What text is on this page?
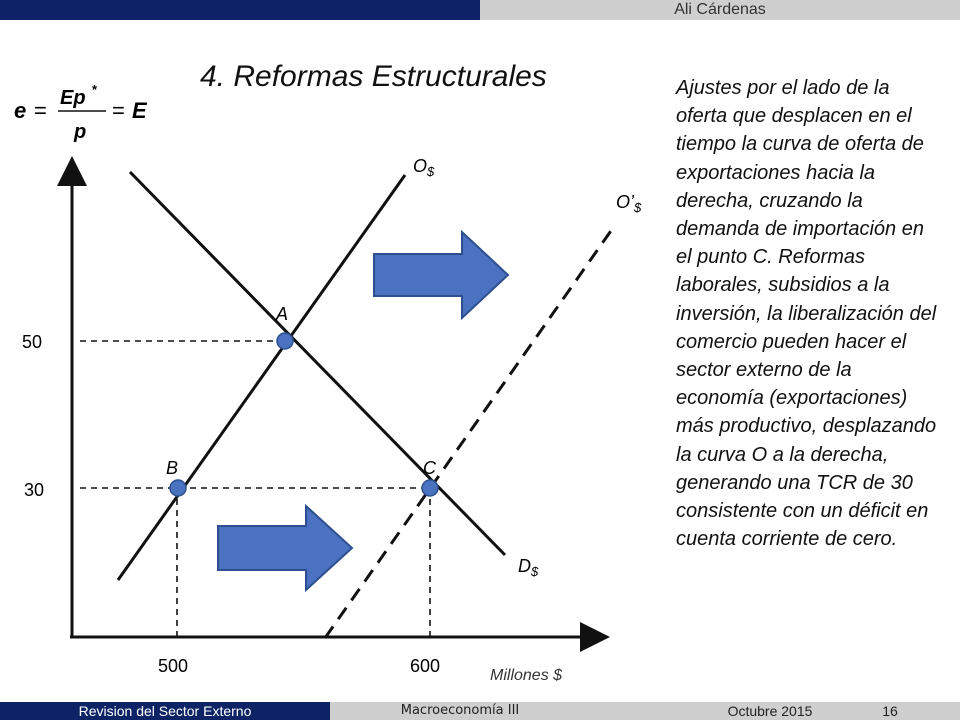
Ali Cárdenas
4. Reformas Estructurales
e = Ep *
p
= E
A
B	C
$O_{\$}$
$O’_{\$}$
$D_{\$}$
50
30
500	600	Millones $
Ajustes por el lado de la oferta que desplacen en el tiempo la curva de oferta de exportaciones hacia la derecha, cruzando la demanda de importación en el punto C. Reformas laborales, subsidios a la inversión, la liberalización del comercio pueden hacer el sector externo de la economía (exportaciones) más productivo, desplazando la curva O a la derecha, generando una TCR de 30 consistente con un déficit en cuenta corriente de cero.
Revision del Sector Externo	Macroeconomía III	Octubre 2015	16
